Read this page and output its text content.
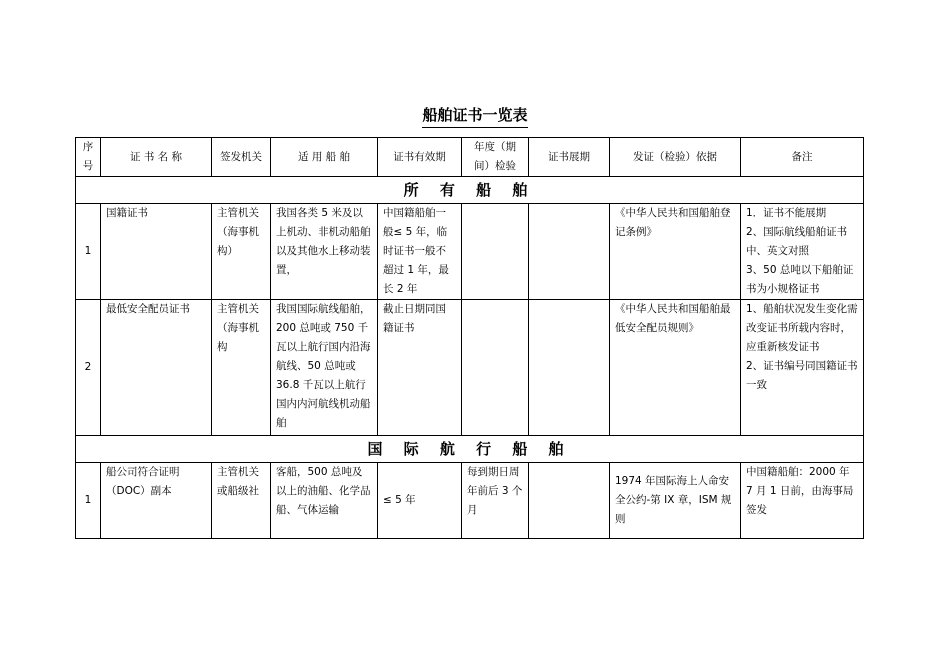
船舶证书一览表
序号	证 书 名 称	签发机关	适 用 船 舶	证书有效期	年度（期间）检验	证书展期	发证（检验）依据	备注
所 有 船 舶								
1	国籍证书	主管机关（海事机构）	我国各类 5 米及以上机动、非机动船舶以及其他水上移动装置，	中国籍船舶一般≤ 5 年，临时证书一般不超过 1 年，最长 2 年			《中华人民共和国船舶登记条例》	1．证书不能展期
2、国际航线船舶证书中、英文对照
3、50 总吨以下船舶证书为小规格证书
2	最低安全配员证书	主管机关（海事机构	我国国际航线船舶，200 总吨或 750 千瓦以上航行国内沿海航线、50 总吨或 36.8 千瓦以上航行国内内河航线机动船舶	截止日期同国籍证书			《中华人民共和国船舶最低安全配员规则》	1、船舶状况发生变化需改变证书所载内容时，应重新核发证书
2、证书编号同国籍证书一致
国 际 航 行 船 舶								
1	船公司符合证明（DOC）副本	主管机关或船级社	客船，500 总吨及以上的油船、化学品船、气体运输	≤ 5 年	每到期日周年前后 3 个月		1974 年国际海上人命安全公约-第 IX 章，ISM 规则	中国籍船舶：2000 年 7 月 1 日前，由海事局签发
